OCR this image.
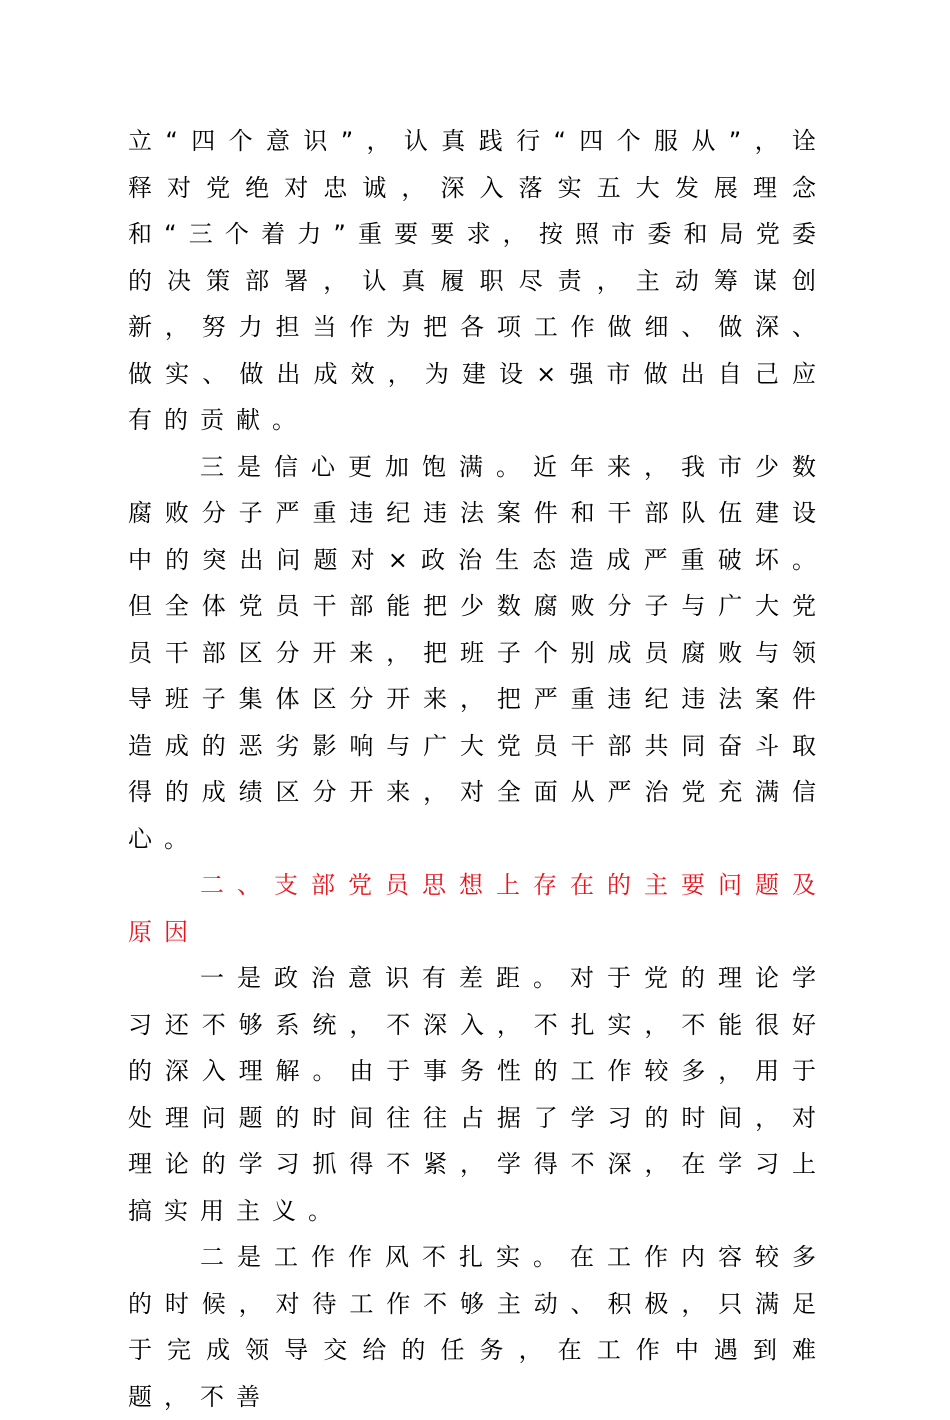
立“四个意识”，认真践行“四个服从”，诠释对党绝对忠诚，深入落实五大发展理念和“三个着力”重要要求，按照市委和局党委的决策部署，认真履职尽责，主动筹谋创新，努力担当作为把各项工作做细、做深、做实、做出成效，为建设×强市做出自己应有的贡献。

三是信心更加饱满。近年来，我市少数腐败分子严重违纪违法案件和干部队伍建设中的突出问题对×政治生态造成严重破坏。但全体党员干部能把少数腐败分子与广大党员干部区分开来，把班子个别成员腐败与领导班子集体区分开来，把严重违纪违法案件造成的恶劣影响与广大党员干部共同奋斗取得的成绩区分开来，对全面从严治党充满信心。

二、支部党员思想上存在的主要问题及原因

一是政治意识有差距。对于党的理论学习还不够系统，不深入，不扎实，不能很好的深入理解。由于事务性的工作较多，用于处理问题的时间往往占据了学习的时间，对理论的学习抓得不紧，学得不深，在学习上搞实用主义。

二是工作作风不扎实。在工作内容较多的时候，对待工作不够主动、积极，只满足于完成领导交给的任务，在工作中遇到难题，不善
